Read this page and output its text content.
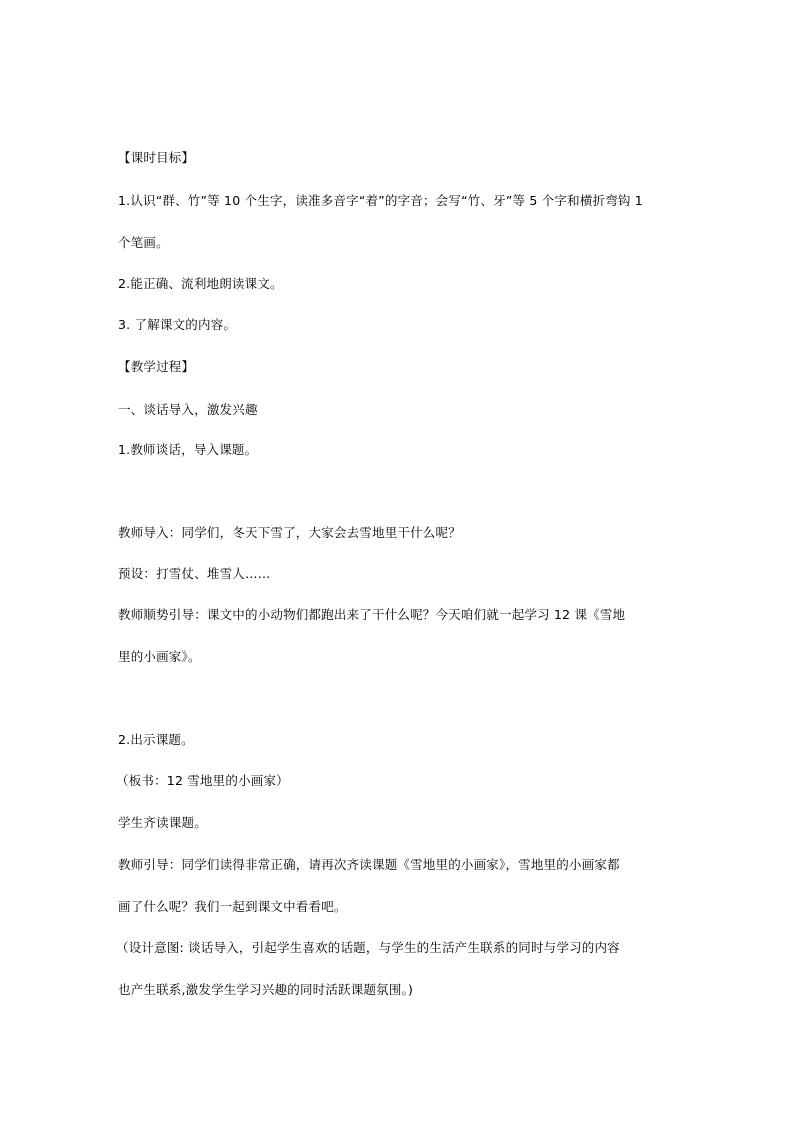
【课时目标】
1.认识“群、竹”等 10 个生字，读准多音字“着”的字音；会写“竹、牙”等 5 个字和横折弯钩 1
个笔画。
2.能正确、流利地朗读课文。
3. 了解课文的内容。
【教学过程】
一、谈话导入，激发兴趣
1.教师谈话，导入课题。
教师导入：同学们，冬天下雪了，大家会去雪地里干什么呢？
预设：打雪仗、堆雪人……
教师顺势引导：课文中的小动物们都跑出来了干什么呢？今天咱们就一起学习 12 课《雪地
里的小画家》。
2.出示课题。
（板书：12 雪地里的小画家）
学生齐读课题。
教师引导：同学们读得非常正确，请再次齐读课题《雪地里的小画家》，雪地里的小画家都
画了什么呢？我们一起到课文中看看吧。
（设计意图: 谈话导入，引起学生喜欢的话题，与学生的生活产生联系的同时与学习的内容
也产生联系,激发学生学习兴趣的同时活跃课题氛围。)
